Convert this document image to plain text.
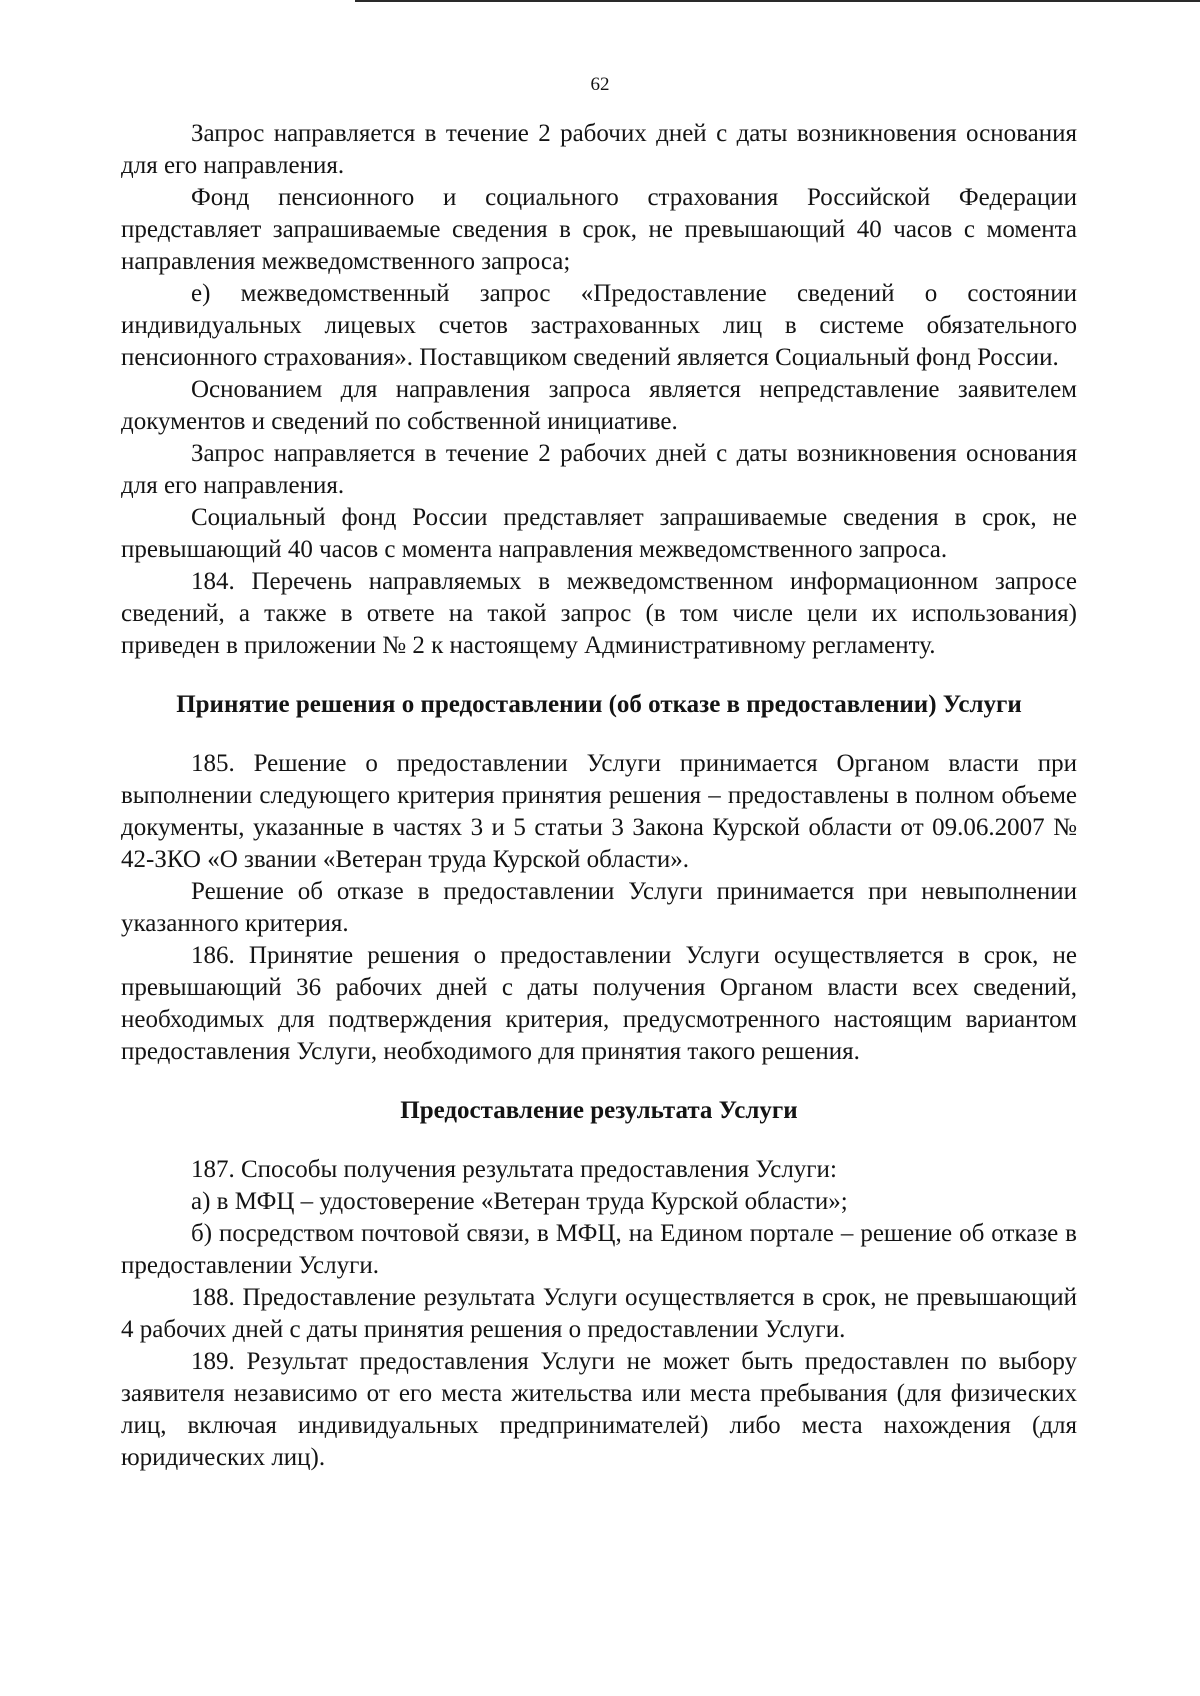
62

Запрос направляется в течение 2 рабочих дней с даты возникновения основания для его направления.

Фонд пенсионного и социального страхования Российской Федерации представляет запрашиваемые сведения в срок, не превышающий 40 часов с момента направления межведомственного запроса;

е) межведомственный запрос «Предоставление сведений о состоянии индивидуальных лицевых счетов застрахованных лиц в системе обязательного пенсионного страхования». Поставщиком сведений является Социальный фонд России.

Основанием для направления запроса является непредставление заявителем документов и сведений по собственной инициативе.

Запрос направляется в течение 2 рабочих дней с даты возникновения основания для его направления.

Социальный фонд России представляет запрашиваемые сведения в срок, не превышающий 40 часов с момента направления межведомственного запроса.

184. Перечень направляемых в межведомственном информационном запросе сведений, а также в ответе на такой запрос (в том числе цели их использования) приведен в приложении № 2 к настоящему Административному регламенту.

Принятие решения о предоставлении (об отказе в предоставлении) Услуги

185. Решение о предоставлении Услуги принимается Органом власти при выполнении следующего критерия принятия решения – предоставлены в полном объеме документы, указанные в частях 3 и 5 статьи 3 Закона Курской области от 09.06.2007 № 42-ЗКО «О звании «Ветеран труда Курской области».

Решение об отказе в предоставлении Услуги принимается при невыполнении указанного критерия.

186. Принятие решения о предоставлении Услуги осуществляется в срок, не превышающий 36 рабочих дней с даты получения Органом власти всех сведений, необходимых для подтверждения критерия, предусмотренного настоящим вариантом предоставления Услуги, необходимого для принятия такого решения.

Предоставление результата Услуги

187. Способы получения результата предоставления Услуги:

а) в МФЦ – удостоверение «Ветеран труда Курской области»;

б) посредством почтовой связи, в МФЦ, на Едином портале – решение об отказе в предоставлении Услуги.

188. Предоставление результата Услуги осуществляется в срок, не превышающий 4 рабочих дней с даты принятия решения о предоставлении Услуги.

189. Результат предоставления Услуги не может быть предоставлен по выбору заявителя независимо от его места жительства или места пребывания (для физических лиц, включая индивидуальных предпринимателей) либо места нахождения (для юридических лиц).
